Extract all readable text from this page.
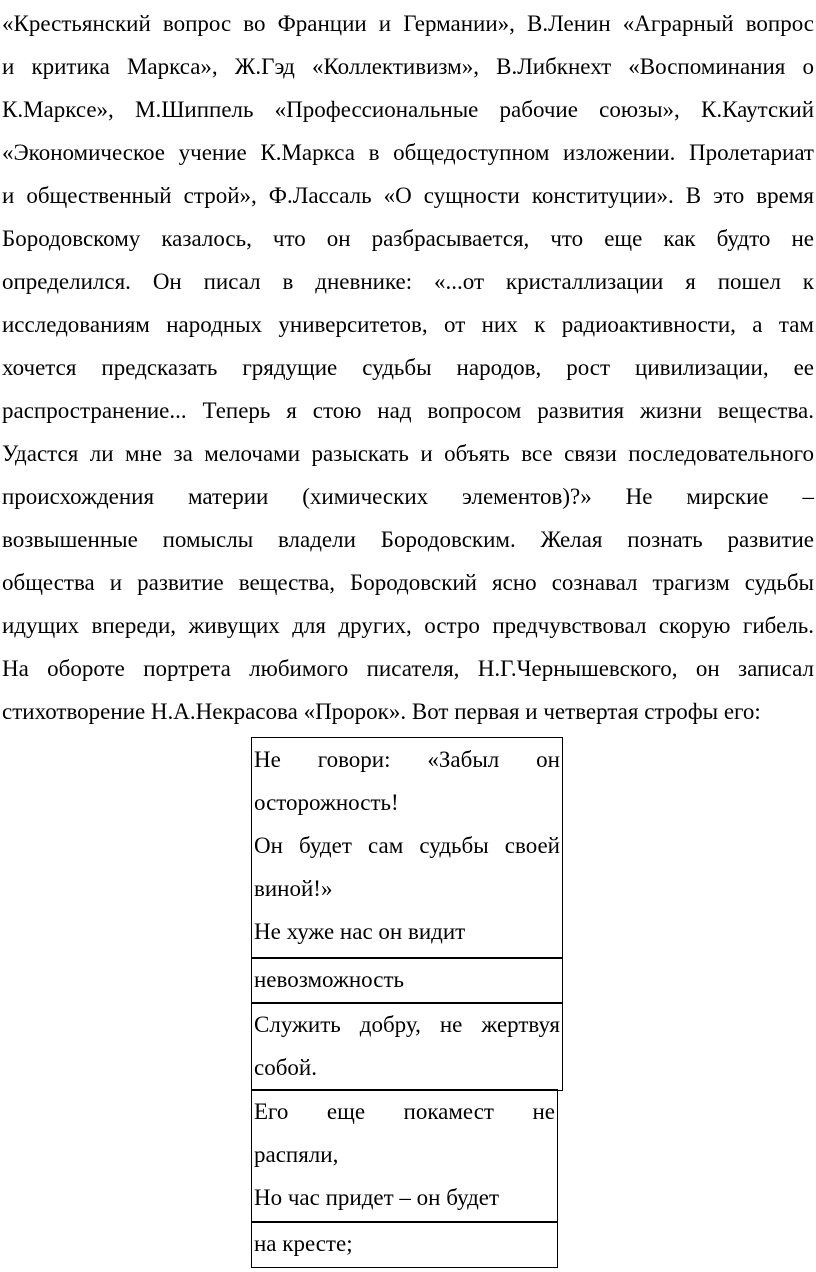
«Крестьянский вопрос во Франции и Германии», В.Ленин «Аграрный вопрос
и критика Маркса», Ж.Гэд «Коллективизм», В.Либкнехт «Воспоминания о
К.Марксе», М.Шиппель «Профессиональные рабочие союзы», К.Каутский
«Экономическое учение К.Маркса в общедоступном изложении. Пролетариат
и общественный строй», Ф.Лассаль «О сущности конституции». В это время
Бородовскому казалось, что он разбрасывается, что еще как будто не
определился. Он писал в дневнике: «...от кристаллизации я пошел к
исследованиям народных университетов, от них к радиоактивности, а там
хочется предсказать грядущие судьбы народов, рост цивилизации, ее
распространение... Теперь я стою над вопросом развития жизни вещества.
Удастся ли мне за мелочами разыскать и объять все связи последовательного
происхождения материи (химических элементов)?» Не мирские –
возвышенные помыслы владели Бородовским. Желая познать развитие
общества и развитие вещества, Бородовский ясно сознавал трагизм судьбы
идущих впереди, живущих для других, остро предчувствовал скорую гибель.
На обороте портрета любимого писателя, Н.Г.Чернышевского, он записал
стихотворение Н.А.Некрасова «Пророк». Вот первая и четвертая строфы его:
Не говори: «Забыл он
осторожность!
Он будет сам судьбы своей
виной!»
Не хуже нас он видит
невозможность
Служить добру, не жертвуя
собой.
Его еще покамест не
распяли,
Но час придет – он будет
на кресте;
